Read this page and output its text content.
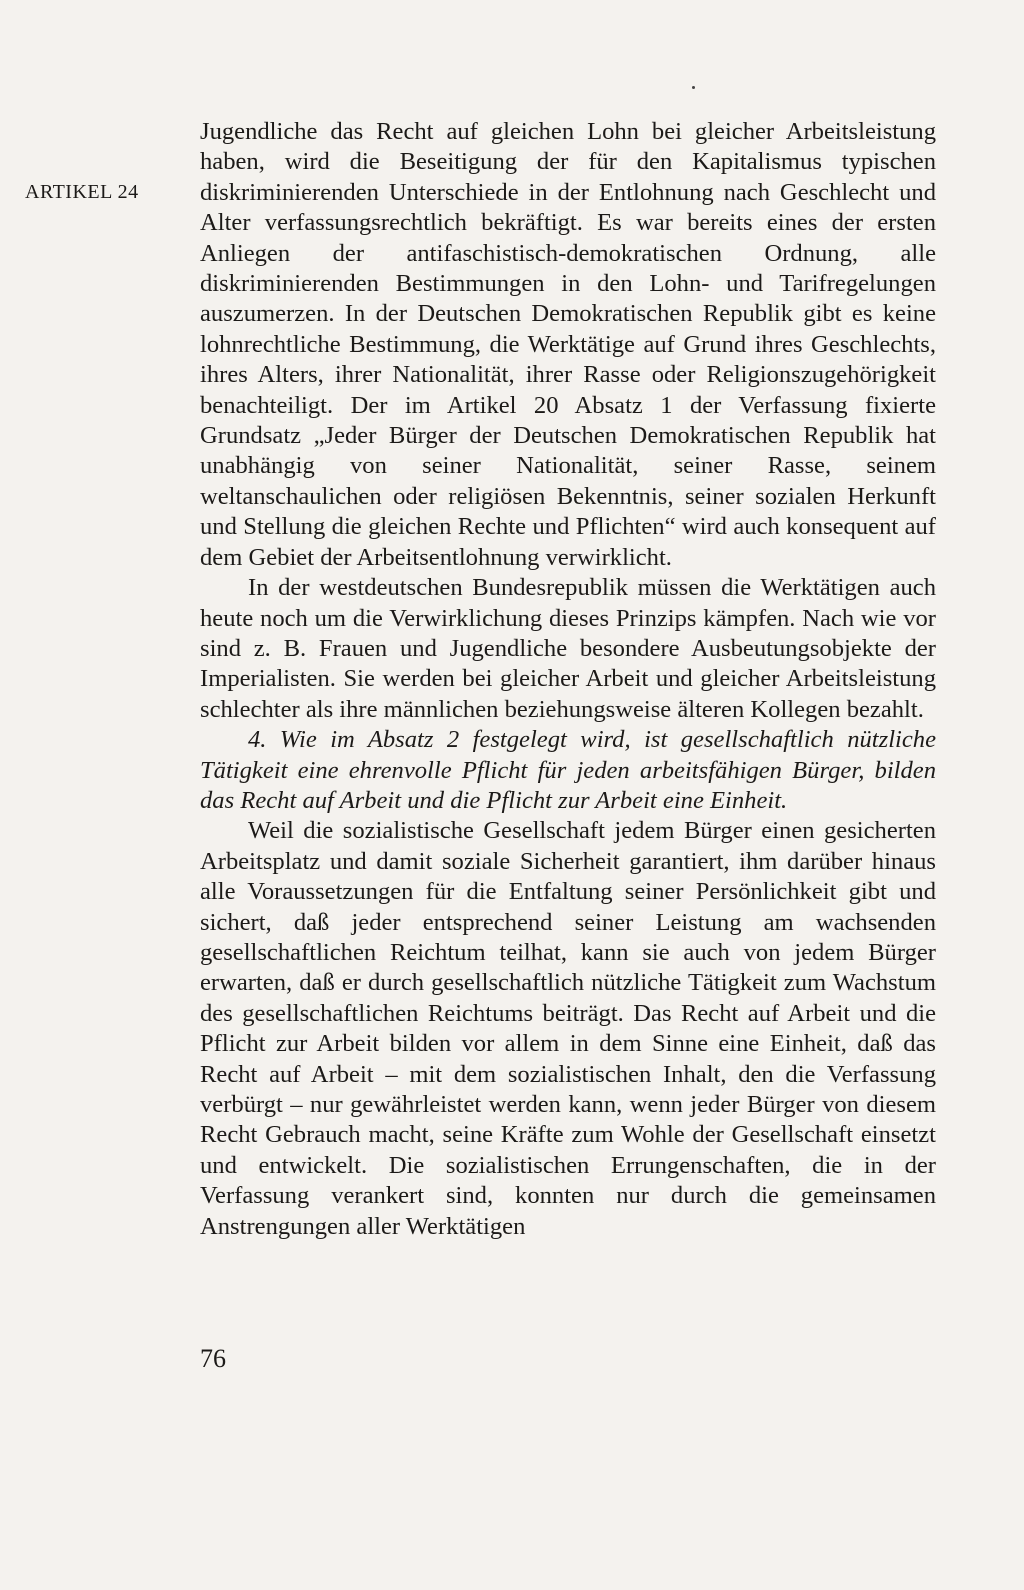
ARTIKEL 24

Jugendliche das Recht auf gleichen Lohn bei gleicher Arbeitsleistung haben, wird die Beseitigung der für den Kapitalismus typischen diskriminierenden Unterschiede in der Entlohnung nach Geschlecht und Alter verfassungsrechtlich bekräftigt. Es war bereits eines der ersten Anliegen der antifaschistisch-demokratischen Ordnung, alle diskriminierenden Bestimmungen in den Lohn- und Tarifregelungen auszumerzen. In der Deutschen Demokratischen Republik gibt es keine lohnrechtliche Bestimmung, die Werktätige auf Grund ihres Geschlechts, ihres Alters, ihrer Nationalität, ihrer Rasse oder Religionszugehörigkeit benachteiligt. Der im Artikel 20 Absatz 1 der Verfassung fixierte Grundsatz „Jeder Bürger der Deutschen Demokratischen Republik hat unabhängig von seiner Nationalität, seiner Rasse, seinem weltanschaulichen oder religiösen Bekenntnis, seiner sozialen Herkunft und Stellung die gleichen Rechte und Pflichten“ wird auch konsequent auf dem Gebiet der Arbeitsentlohnung verwirklicht.

In der westdeutschen Bundesrepublik müssen die Werktätigen auch heute noch um die Verwirklichung dieses Prinzips kämpfen. Nach wie vor sind z. B. Frauen und Jugendliche besondere Ausbeutungsobjekte der Imperialisten. Sie werden bei gleicher Arbeit und gleicher Arbeitsleistung schlechter als ihre männlichen beziehungsweise älteren Kollegen bezahlt.

4. Wie im Absatz 2 festgelegt wird, ist gesellschaftlich nützliche Tätigkeit eine ehrenvolle Pflicht für jeden arbeitsfähigen Bürger, bilden das Recht auf Arbeit und die Pflicht zur Arbeit eine Einheit.

Weil die sozialistische Gesellschaft jedem Bürger einen gesicherten Arbeitsplatz und damit soziale Sicherheit garantiert, ihm darüber hinaus alle Voraussetzungen für die Entfaltung seiner Persönlichkeit gibt und sichert, daß jeder entsprechend seiner Leistung am wachsenden gesellschaftlichen Reichtum teilhat, kann sie auch von jedem Bürger erwarten, daß er durch gesellschaftlich nützliche Tätigkeit zum Wachstum des gesellschaftlichen Reichtums beiträgt. Das Recht auf Arbeit und die Pflicht zur Arbeit bilden vor allem in dem Sinne eine Einheit, daß das Recht auf Arbeit – mit dem sozialistischen Inhalt, den die Verfassung verbürgt – nur gewährleistet werden kann, wenn jeder Bürger von diesem Recht Gebrauch macht, seine Kräfte zum Wohle der Gesellschaft einsetzt und entwickelt. Die sozialistischen Errungenschaften, die in der Verfassung verankert sind, konnten nur durch die gemeinsamen Anstrengungen aller Werktätigen

76
